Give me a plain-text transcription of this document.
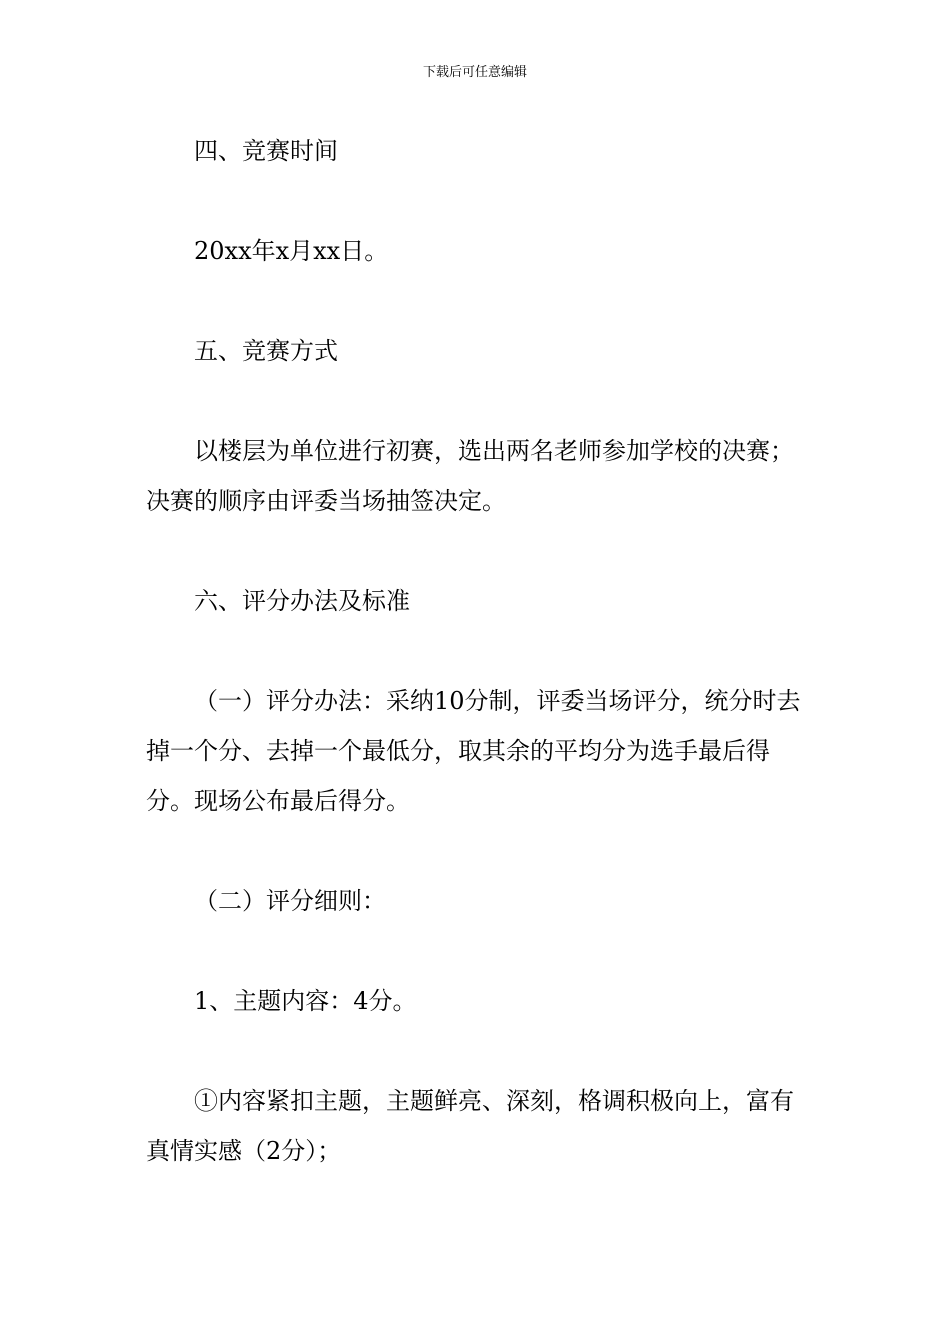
下载后可任意编辑

四、竞赛时间

20xx年x月xx日。

五、竞赛方式

以楼层为单位进行初赛，选出两名老师参加学校的决赛；决赛的顺序由评委当场抽签决定。

六、评分办法及标准

（一）评分办法：采纳10分制，评委当场评分，统分时去掉一个分、去掉一个最低分，取其余的平均分为选手最后得分。现场公布最后得分。

（二）评分细则：

1、主题内容：4分。

①内容紧扣主题，主题鲜亮、深刻，格调积极向上，富有真情实感（2分）；
